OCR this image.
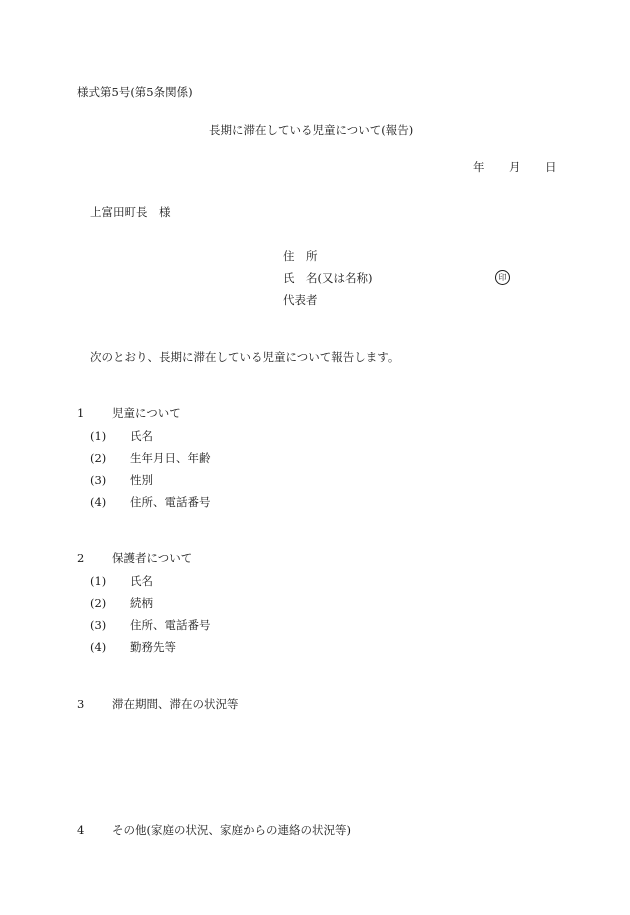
様式第5号(第5条関係)
長期に滞在している児童について(報告)
年 月 日
上富田町長　様
住　所
氏　名(又は名称)	印
代表者
次のとおり、長期に滞在している児童について報告します。
1 児童について
(1) 氏名
(2) 生年月日、年齢
(3) 性別
(4) 住所、電話番号
2 保護者について
(1) 氏名
(2) 続柄
(3) 住所、電話番号
(4) 勤務先等
3 滞在期間、滞在の状況等
4 その他(家庭の状況、家庭からの連絡の状況等)
